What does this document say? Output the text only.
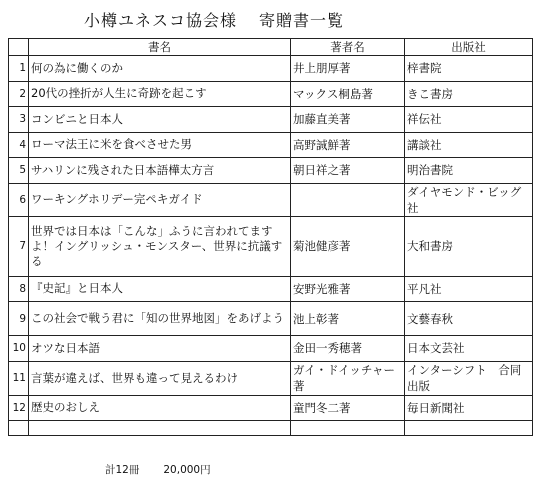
小樽ユネスコ協会様 寄贈書一覧
	書名	著者名	出版社
1	何の為に働くのか	井上朋厚著	梓書院
2	20代の挫折が人生に奇跡を起こす	マックス桐島著	きこ書房
3	コンビニと日本人	加藤直美著	祥伝社
4	ローマ法王に米を食べさせた男	高野誠鮮著	講談社
5	サハリンに残された日本語樺太方言	朝日祥之著	明治書院
6	ワーキングホリデー完ペキガイド		ダイヤモンド・ビッグ社
7	世界では日本は「こんな」ふうに言われてますよ！イングリッシュ・モンスター、世界に抗議する	菊池健彦著	大和書房
8	『史記』と日本人	安野光雅著	平凡社
9	この社会で戦う君に「知の世界地図」をあげよう	池上彰著	文藝春秋
10	オツな日本語	金田一秀穂著	日本文芸社
11	言葉が違えば、世界も違って見えるわけ	ガイ・ドイッチャー著	インターシフト　合同出版
12	歴史のおしえ	童門冬二著	毎日新聞社

計12冊 20,000円
